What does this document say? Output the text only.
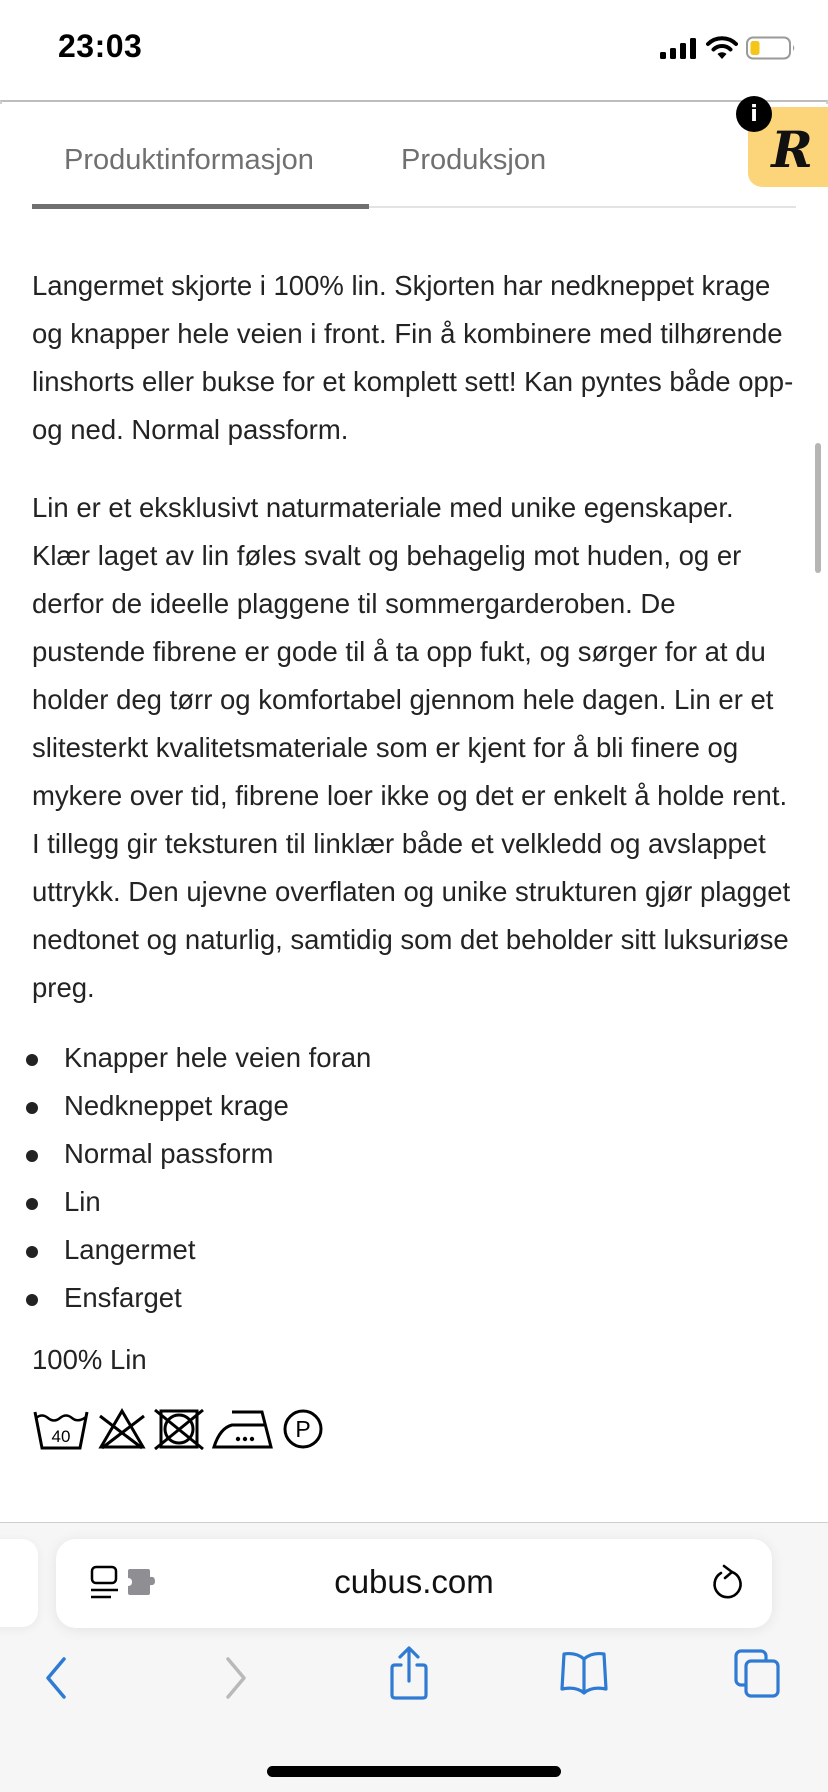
23:03
R
i
Produktinformasjon	Produksjon

Langermet skjorte i 100% lin. Skjorten har nedkneppet krage og knapper hele veien i front. Fin å kombinere med tilhørende linshorts eller bukse for et komplett sett! Kan pyntes både opp- og ned. Normal passform.

Lin er et eksklusivt naturmateriale med unike egenskaper. Klær laget av lin føles svalt og behagelig mot huden, og er derfor de ideelle plaggene til sommergarderoben. De pustende fibrene er gode til å ta opp fukt, og sørger for at du holder deg tørr og komfortabel gjennom hele dagen. Lin er et slitesterkt kvalitetsmateriale som er kjent for å bli finere og mykere over tid, fibrene loer ikke og det er enkelt å holde rent. I tillegg gir teksturen til linklær både et velkledd og avslappet uttrykk. Den ujevne overflaten og unike strukturen gjør plagget nedtonet og naturlig, samtidig som det beholder sitt luksuriøse preg.

Knapper hele veien foran
Nedkneppet krage
Normal passform
Lin
Langermet
Ensfarget
100% Lin
40	P
cubus.com
